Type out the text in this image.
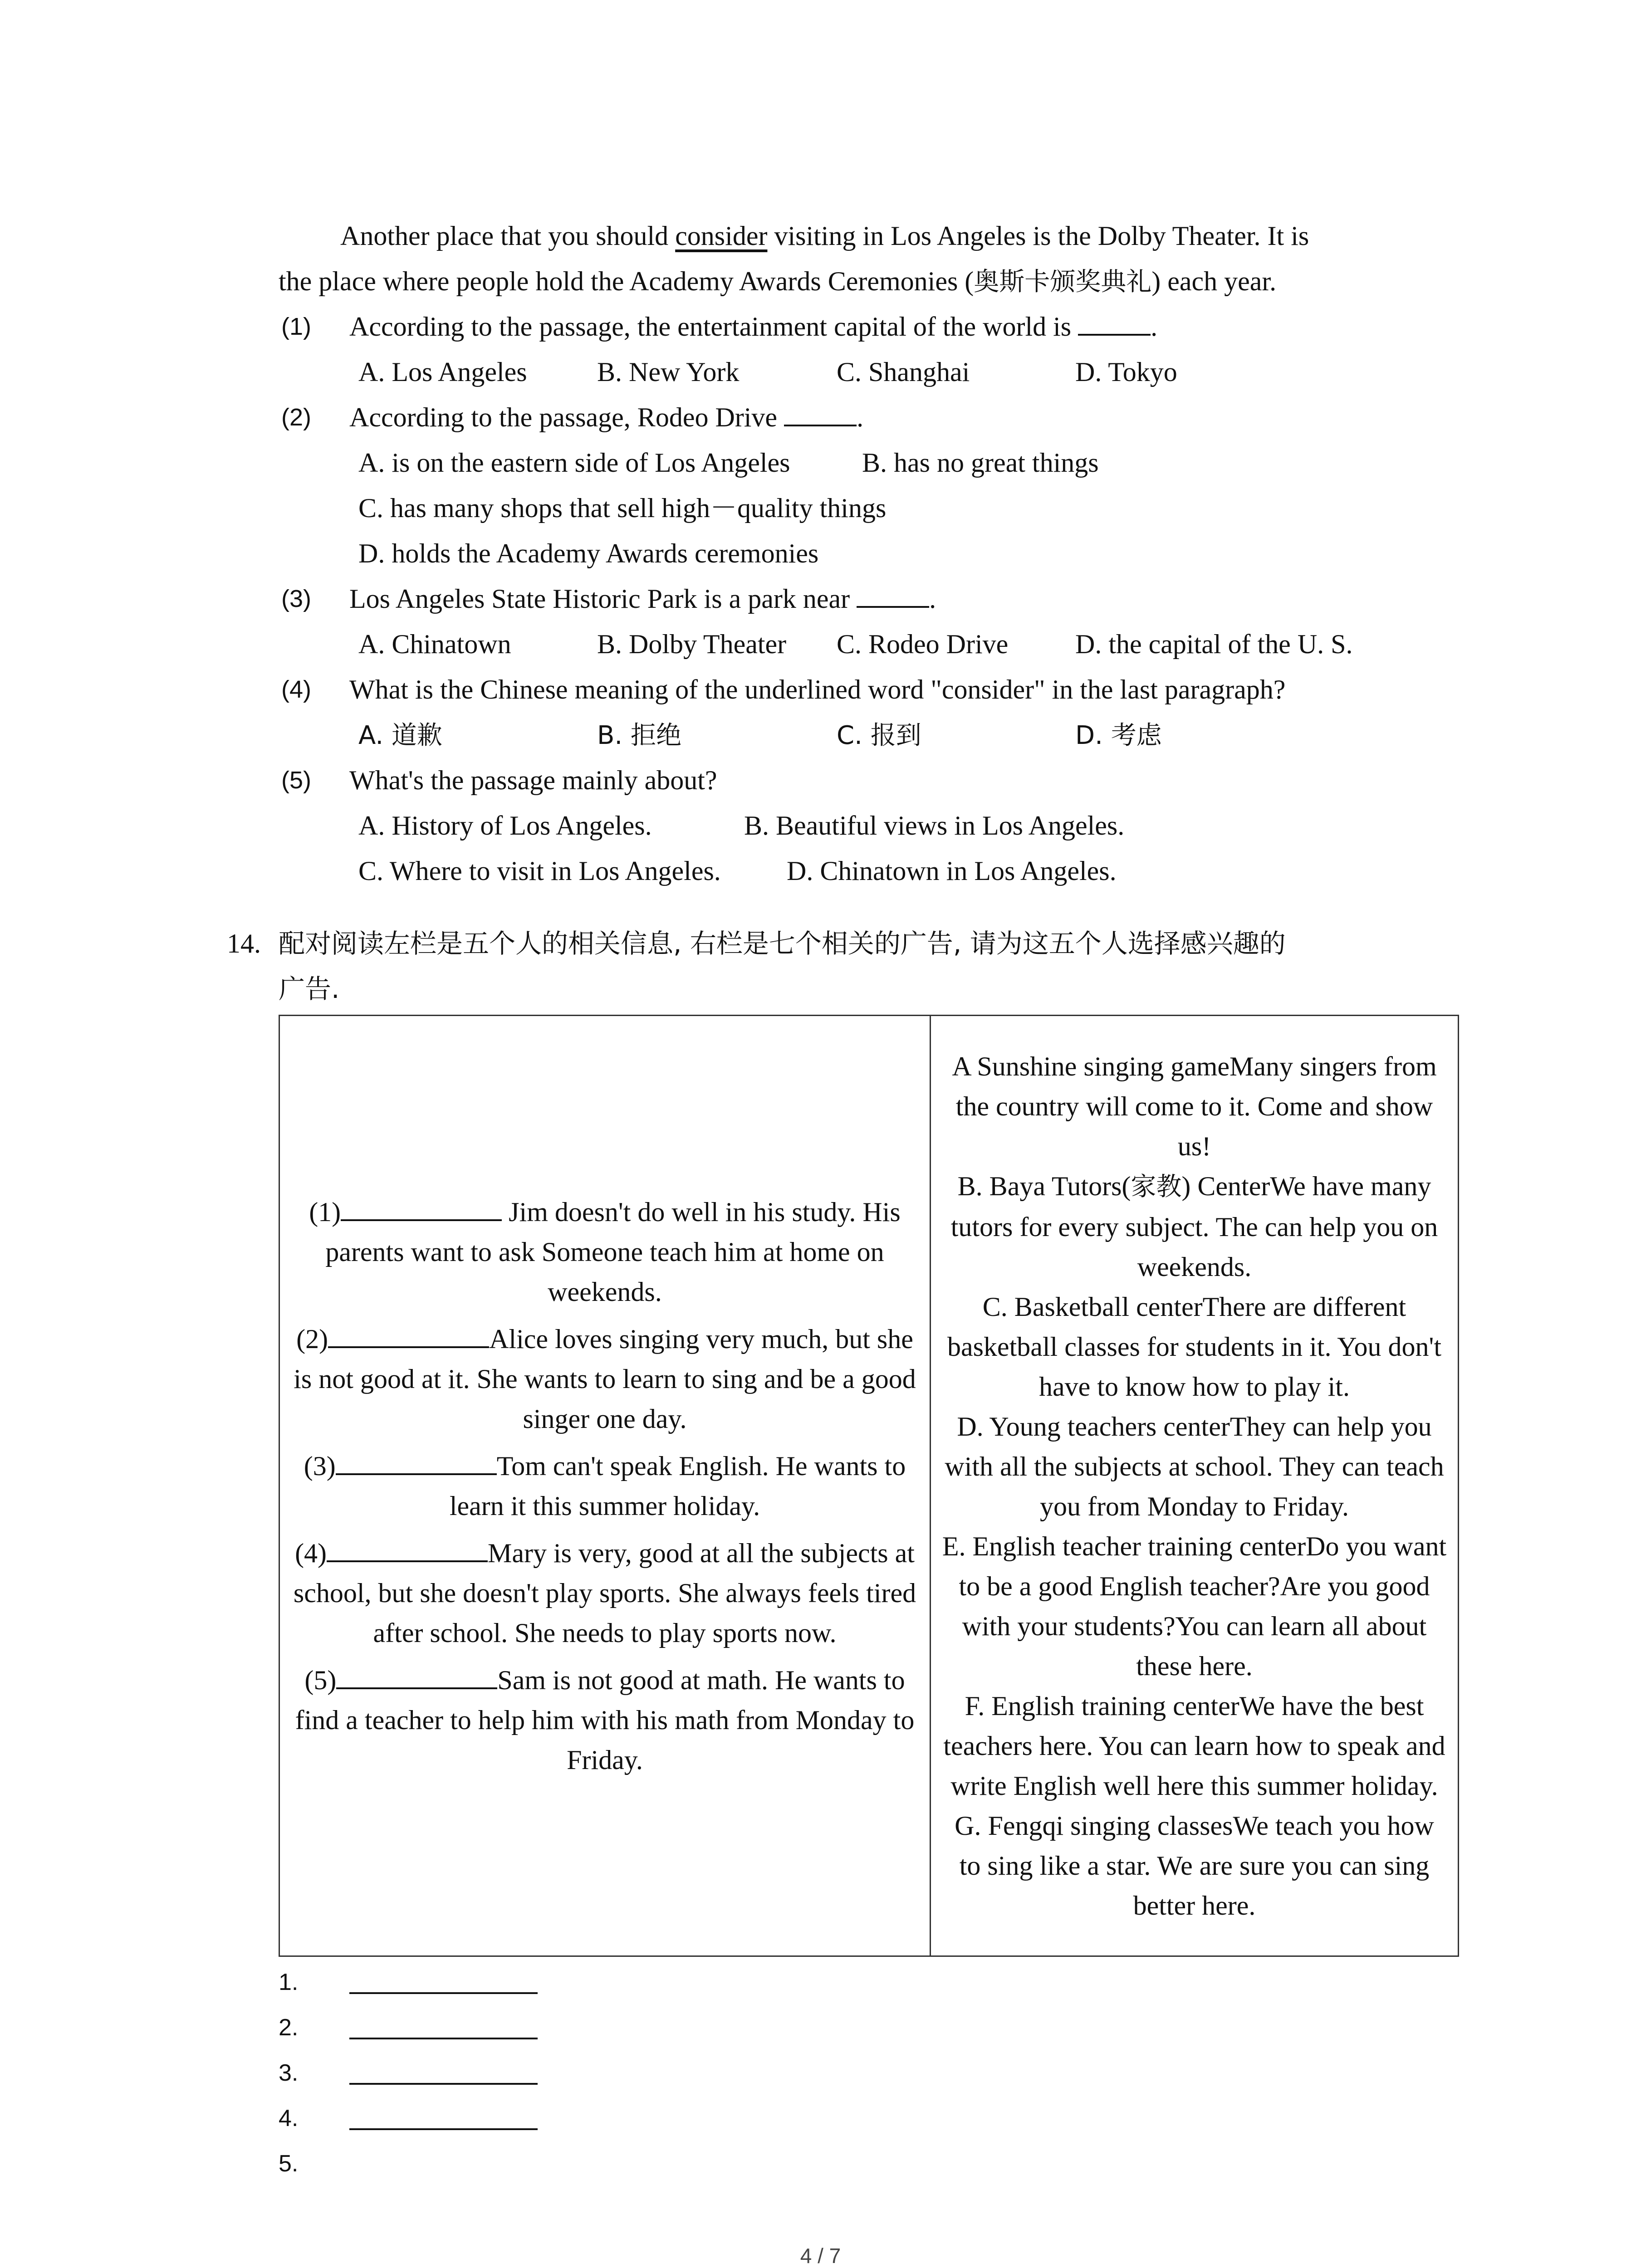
Another place that you should consider visiting in Los Angeles is the Dolby Theater. It is
the place where people hold the Academy Awards Ceremonies (奥斯卡颁奖典礼) each year.
(1) According to the passage, the entertainment capital of the world is	.
A. Los Angeles	B. New York	C. Shanghai	D. Tokyo
(2) According to the passage, Rodeo Drive	.
A. is on the eastern side of Los Angeles	B. has no great things
C. has many shops that sell high－quality things
D. holds the Academy Awards ceremonies
(3) Los Angeles State Historic Park is a park near	.
A. Chinatown	B. Dolby Theater C. Rodeo Drive D. the capital of the U. S.
(4) What is the Chinese meaning of the underlined word "consider" in the last paragraph?
A. 道歉	B. 拒绝	C. 报到	D. 考虑
(5) What's the passage mainly about?
A. History of Los Angeles.	B. Beautiful views in Los Angeles.
C. Where to visit in Los Angeles. D. Chinatown in Los Angeles.
14. 配对阅读左栏是五个人的相关信息, 右栏是七个相关的广告, 请为这五个人选择感兴趣的
广告.

(1)	Jim doesn't do well in his study. His parents want to ask Someone teach him at home on weekends.

(2)	Alice loves singing very much, but she is not good at it. She wants to learn to sing and be a good singer one day.

(3)	Tom can't speak English. He wants to learn it this summer holiday.

(4)	Mary is very, good at all the subjects at school, but she doesn't play sports. She always feels tired after school. She needs to play sports now.

(5)	Sam is not good at math. He wants to find a teacher to help him with his math from Monday to Friday.

A Sunshine singing gameMany singers from the country will come to it. Come and show us!

B. Baya Tutors(家教) CenterWe have many tutors for every subject. The can help you on weekends.

C. Basketball centerThere are different basketball classes for students in it. You don't have to know how to play it.

D. Young teachers centerThey can help you with all the subjects at school. They can teach you from Monday to Friday.

E. English teacher training centerDo you want to be a good English teacher?Are you good with your students?You can learn all about these here.

F. English training centerWe have the best teachers here. You can learn how to speak and write English well here this summer holiday.

G. Fengqi singing classesWe teach you how to sing like a star. We are sure you can sing better here.

1.
2.
3.
4.
5.
4 / 7
